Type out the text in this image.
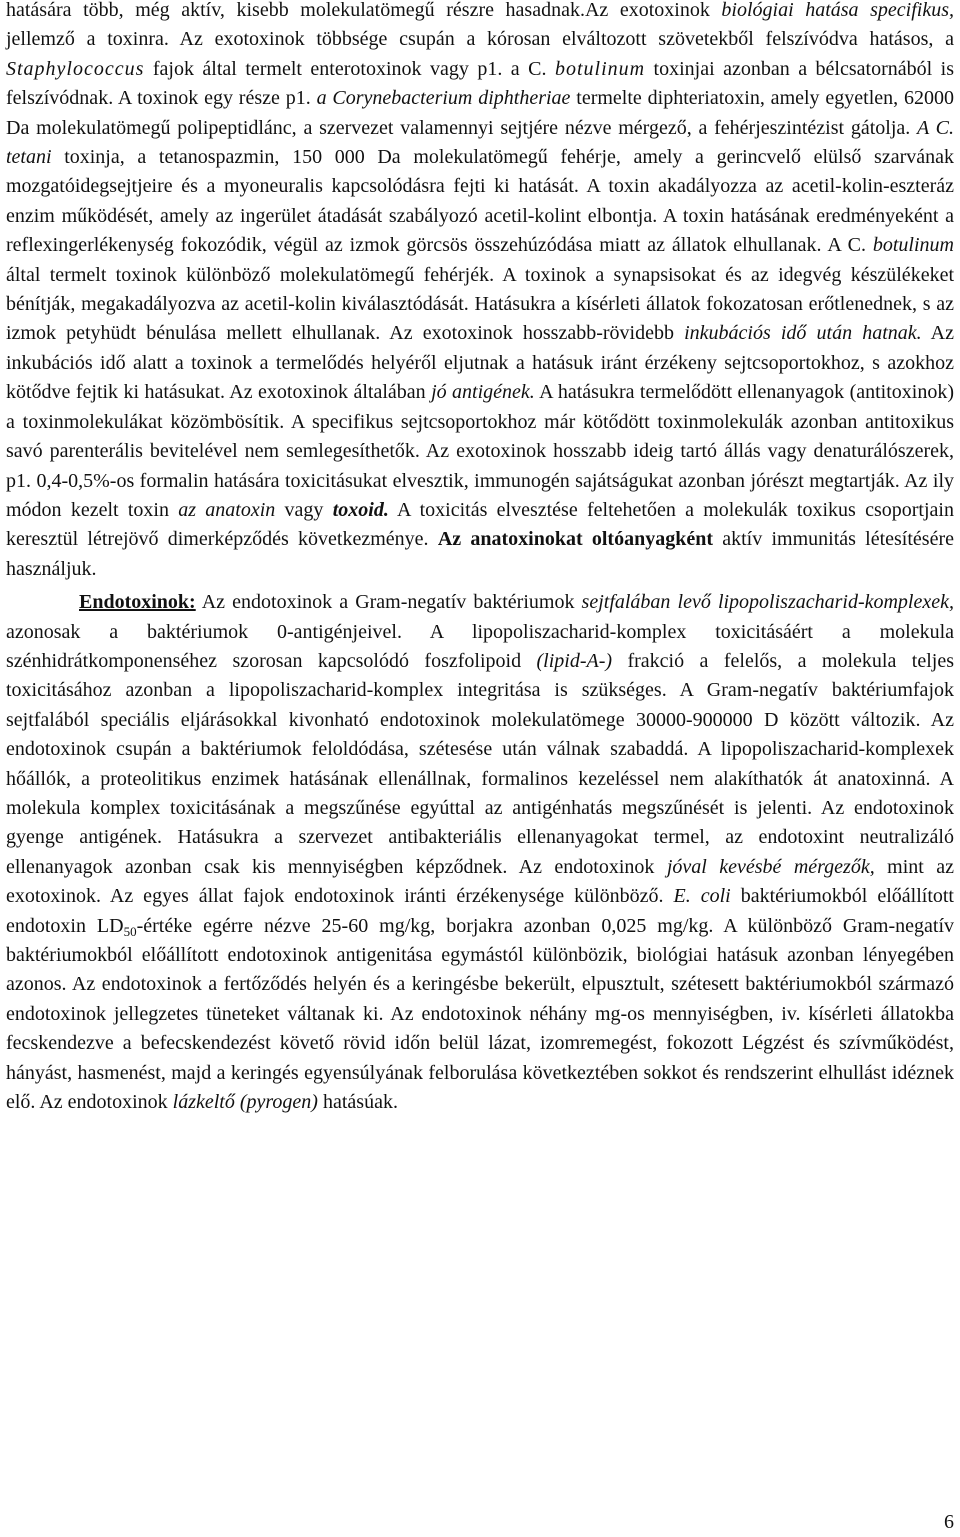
hatására több, még aktív, kisebb molekulatömegű részre hasadnak.Az exotoxinok biológiai hatása specifikus, jellemző a toxinra. Az exotoxinok többsége csupán a kórosan elváltozott szövetekből felszívódva hatásos, a Staphylococcus fajok által termelt enterotoxinok vagy p1. a C. botulinum toxinjai azonban a bélcsatornából is felszívódnak. A toxinok egy része p1. a Corynebacterium diphtheriae termelte diphteriatoxin, amely egyetlen, 62000 Da molekulatömegű polipeptidlánc, a szervezet valamennyi sejtjére nézve mérgező, a fehérjeszintézist gátolja. A C. tetani toxinja, a tetanospazmin, 150 000 Da molekulatömegű fehérje, amely a gerincvelő elülső szarvának mozgatóidegsejtjeire és a myoneuralis kapcsolódásra fejti ki hatását. A toxin akadályozza az acetil-kolin-eszteráz enzim működését, amely az ingerület átadását szabályozó acetil-kolint elbontja. A toxin hatásának eredményeként a reflexingerlékenység fokozódik, végül az izmok görcsös összehúzódása miatt az állatok elhullanak. A C. botulinum által termelt toxinok különböző molekulatömegű fehérjék. A toxinok a synapsisokat és az idegvég készülékeket bénítják, megakadályozva az acetil-kolin kiválasztódását. Hatásukra a kísérleti állatok fokozatosan erőtlenednek, s az izmok petyhüdt bénulása mellett elhullanak. Az exotoxinok hosszabb-rövidebb inkubációs idő után hatnak. Az inkubációs idő alatt a toxinok a termelődés helyéről eljutnak a hatásuk iránt érzékeny sejtcsoportokhoz, s azokhoz kötődve fejtik ki hatásukat. Az exotoxinok általában jó antigének. A hatásukra termelődött ellenanyagok (antitoxinok) a toxinmolekulákat közömbösítik. A specifikus sejtcsoportokhoz már kötődött toxinmolekulák azonban antitoxikus savó parenterális bevitelével nem semlegesíthetők. Az exotoxinok hosszabb ideig tartó állás vagy denaturálószerek, p1. 0,4-0,5%-os formalin hatására toxicitásukat elvesztik, immunogén sajátságukat azonban jórészt megtartják. Az ily módon kezelt toxin az anatoxin vagy toxoid. A toxicitás elvesztése feltehetően a molekulák toxikus csoportjain keresztül létrejövő dimerképződés következménye. Az anatoxinokat oltóanyagként aktív immunitás létesítésére használjuk.

Endotoxinok: Az endotoxinok a Gram-negatív baktériumok sejtfalában levő lipopoliszacharid-komplexek, azonosak a baktériumok 0-antigénjeivel. A lipopoliszacharid-komplex toxicitásáért a molekula szénhidrátkomponenséhez szorosan kapcsolódó foszfolipoid (lipid-A-) frakció a felelős, a molekula teljes toxicitásához azonban a lipopoliszacharid-komplex integritása is szükséges. A Gram-negatív baktériumfajok sejtfalából speciális eljárásokkal kivonható endotoxinok molekulatömege 30000-900000 D között változik. Az endotoxinok csupán a baktériumok feloldódása, szétesése után válnak szabaddá. A lipopoliszacharid-komplexek hőállók, a proteolitikus enzimek hatásának ellenállnak, formalinos kezeléssel nem alakíthatók át anatoxinná. A molekula komplex toxicitásának a megszűnése egyúttal az antigénhatás megszűnését is jelenti. Az endotoxinok gyenge antigének. Hatásukra a szervezet antibakteriális ellenanyagokat termel, az endotoxint neutralizáló ellenanyagok azonban csak kis mennyiségben képződnek. Az endotoxinok jóval kevésbé mérgezők, mint az exotoxinok. Az egyes állat fajok endotoxinok iránti érzékenysége különböző. E. coli baktériumokból előállított endotoxin $LD_{50}$-értéke egérre nézve 25-60 mg/kg, borjakra azonban 0,025 mg/kg. A különböző Gram-negatív baktériumokból előállított endotoxinok antigenitása egymástól különbözik, biológiai hatásuk azonban lényegében azonos. Az endotoxinok a fertőződés helyén és a keringésbe bekerült, elpusztult, szétesett baktériumokból származó endotoxinok jellegzetes tüneteket váltanak ki. Az endotoxinok néhány mg-os mennyiségben, iv. kísérleti állatokba fecskendezve a befecskendezést követő rövid időn belül lázat, izomremegést, fokozott Légzést és szívműködést, hányást, hasmenést, majd a keringés egyensúlyának felborulása következtében sokkot és rendszerint elhullást idéznek elő. Az endotoxinok lázkeltő (pyrogen) hatásúak.

6
